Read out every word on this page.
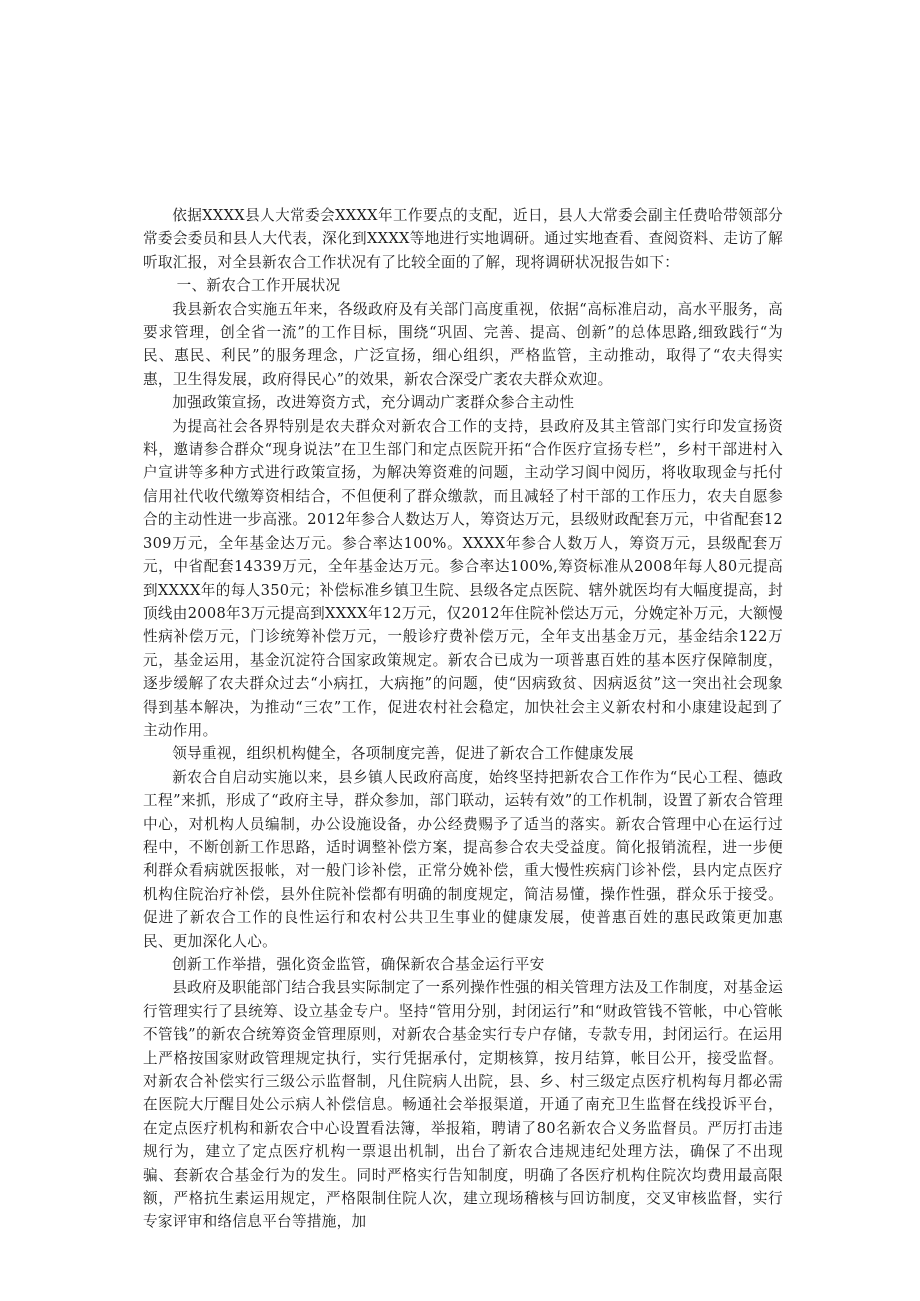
依据XXXX县人大常委会XXXX年工作要点的支配，近日，县人大常委会副主任费哈带领部分常委会委员和县人大代表，深化到XXXX等地进行实地调研。通过实地查看、查阅资料、走访了解听取汇报，对全县新农合工作状况有了比较全面的了解，现将调研状况报告如下：

一、新农合工作开展状况

我县新农合实施五年来，各级政府及有关部门高度重视，依据“高标准启动，高水平服务，高要求管理，创全省一流”的工作目标，围绕“巩固、完善、提高、创新”的总体思路,细致践行“为民、惠民、利民”的服务理念，广泛宣扬，细心组织，严格监管，主动推动，取得了“农夫得实惠，卫生得发展，政府得民心”的效果，新农合深受广袤农夫群众欢迎。

加强政策宣扬，改进筹资方式，充分调动广袤群众参合主动性

为提高社会各界特别是农夫群众对新农合工作的支持，县政府及其主管部门实行印发宣扬资料，邀请参合群众“现身说法”在卫生部门和定点医院开拓“合作医疗宣扬专栏”，乡村干部进村入户宣讲等多种方式进行政策宣扬，为解决筹资难的问题，主动学习阆中阅历，将收取现金与托付信用社代收代缴筹资相结合，不但便利了群众缴款，而且减轻了村干部的工作压力，农夫自愿参合的主动性进一步高涨。2012年参合人数达万人，筹资达万元，县级财政配套万元，中省配套12309万元，全年基金达万元。参合率达100%。XXXX年参合人数万人，筹资万元，县级配套万元，中省配套14339万元，全年基金达万元。参合率达100%,筹资标准从2008年每人80元提高到XXXX年的每人350元；补偿标准乡镇卫生院、县级各定点医院、辖外就医均有大幅度提高，封顶线由2008年3万元提高到XXXX年12万元，仅2012年住院补偿达万元，分娩定补万元，大额慢性病补偿万元，门诊统筹补偿万元，一般诊疗费补偿万元，全年支出基金万元，基金结余122万元，基金运用，基金沉淀符合国家政策规定。新农合已成为一项普惠百姓的基本医疗保障制度，逐步缓解了农夫群众过去“小病扛，大病拖”的问题，使“因病致贫、因病返贫”这一突出社会现象得到基本解决，为推动“三农”工作，促进农村社会稳定，加快社会主义新农村和小康建设起到了主动作用。

领导重视，组织机构健全，各项制度完善，促进了新农合工作健康发展

新农合自启动实施以来，县乡镇人民政府高度，始终坚持把新农合工作作为“民心工程、德政工程”来抓，形成了“政府主导，群众参加，部门联动，运转有效”的工作机制，设置了新农合管理中心，对机构人员编制，办公设施设备，办公经费赐予了适当的落实。新农合管理中心在运行过程中，不断创新工作思路，适时调整补偿方案，提高参合农夫受益度。简化报销流程，进一步便利群众看病就医报帐，对一般门诊补偿，正常分娩补偿，重大慢性疾病门诊补偿，县内定点医疗机构住院治疗补偿，县外住院补偿都有明确的制度规定，简洁易懂，操作性强，群众乐于接受。促进了新农合工作的良性运行和农村公共卫生事业的健康发展，使普惠百姓的惠民政策更加惠民、更加深化人心。

创新工作举措，强化资金监管，确保新农合基金运行平安

县政府及职能部门结合我县实际制定了一系列操作性强的相关管理方法及工作制度，对基金运行管理实行了县统筹、设立基金专户。坚持“管用分别，封闭运行”和“财政管钱不管帐，中心管帐不管钱”的新农合统筹资金管理原则，对新农合基金实行专户存储，专款专用，封闭运行。在运用上严格按国家财政管理规定执行，实行凭据承付，定期核算，按月结算，帐目公开，接受监督。对新农合补偿实行三级公示监督制，凡住院病人出院，县、乡、村三级定点医疗机构每月都必需在医院大厅醒目处公示病人补偿信息。畅通社会举报渠道，开通了南充卫生监督在线投诉平台，在定点医疗机构和新农合中心设置看法簿，举报箱，聘请了80名新农合义务监督员。严厉打击违规行为，建立了定点医疗机构一票退出机制，出台了新农合违规违纪处理方法，确保了不出现骗、套新农合基金行为的发生。同时严格实行告知制度，明确了各医疗机构住院次均费用最高限额，严格抗生素运用规定，严格限制住院人次，建立现场稽核与回访制度，交叉审核监督，实行专家评审和络信息平台等措施，加
